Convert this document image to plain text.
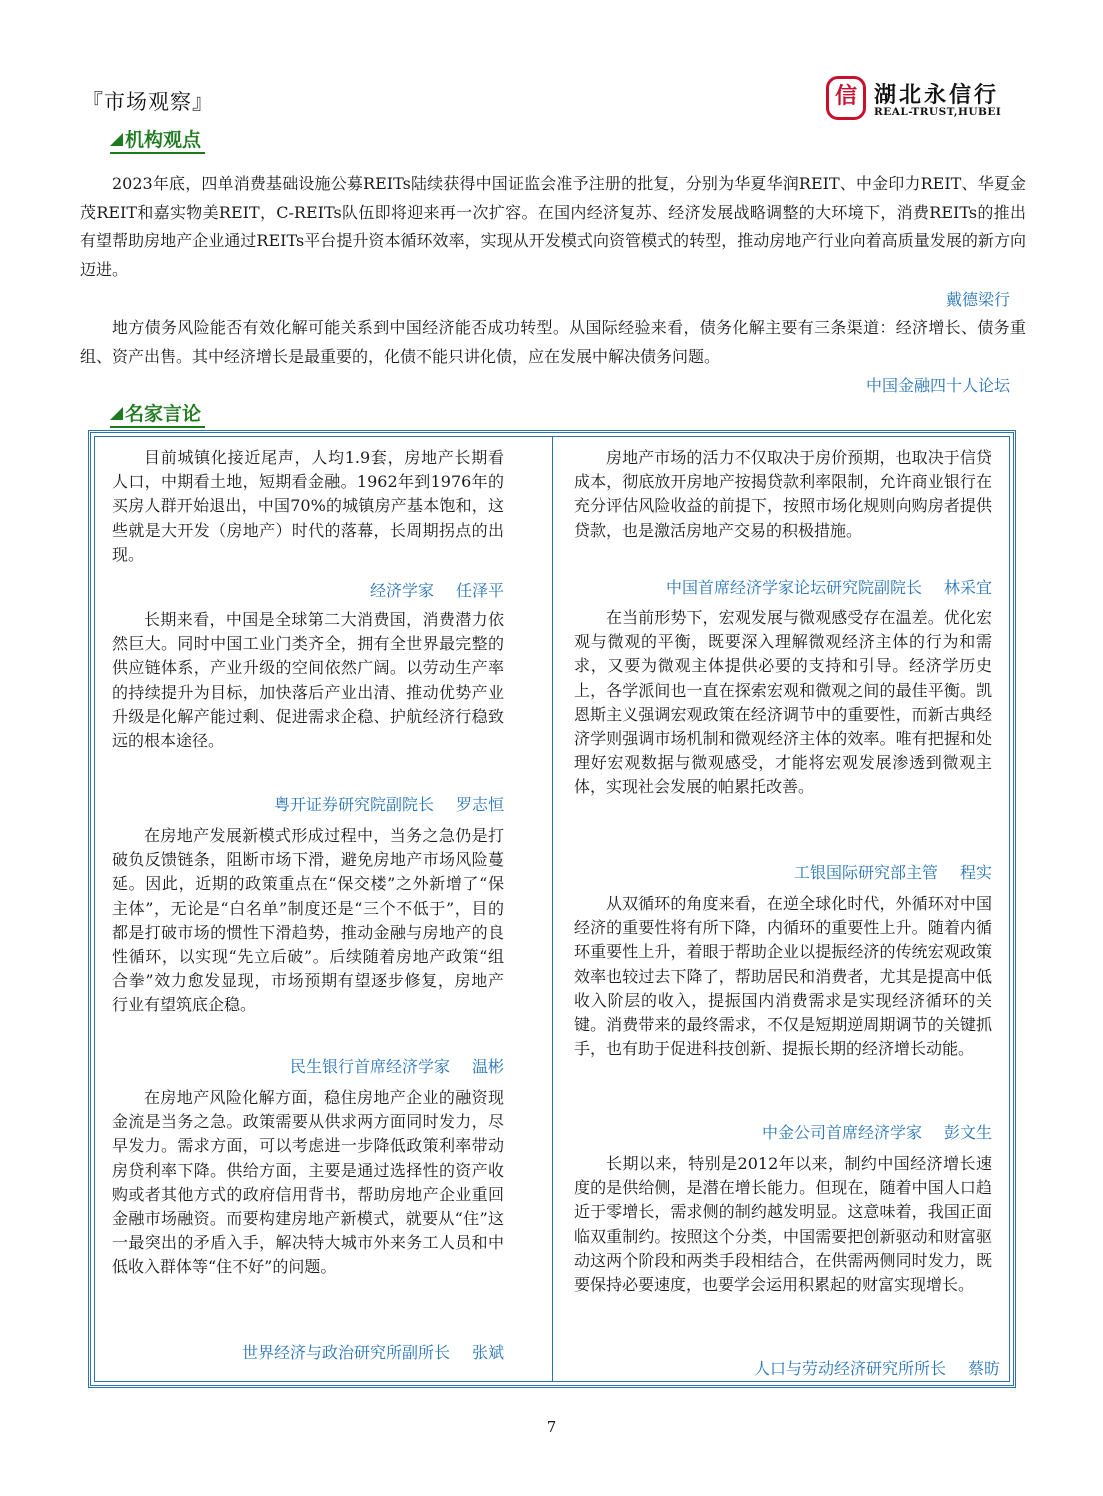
『市场观察』	信 湖北永信行
REAL-TRUST,HUBEI
机构观点

2023年底，四单消费基础设施公募REITs陆续获得中国证监会准予注册的批复，分别为华夏华润REIT、中金印力REIT、华夏金茂REIT和嘉实物美REIT，C-REITs队伍即将迎来再一次扩容。在国内经济复苏、经济发展战略调整的大环境下，消费REITs的推出有望帮助房地产企业通过REITs平台提升资本循环效率，实现从开发模式向资管模式的转型，推动房地产行业向着高质量发展的新方向迈进。

戴德梁行

地方债务风险能否有效化解可能关系到中国经济能否成功转型。从国际经验来看，债务化解主要有三条渠道：经济增长、债务重组、资产出售。其中经济增长是最重要的，化债不能只讲化债，应在发展中解决债务问题。

中国金融四十人论坛
名家言论

目前城镇化接近尾声，人均1.9套，房地产长期看人口，中期看土地，短期看金融。1962年到1976年的买房人群开始退出，中国70%的城镇房产基本饱和，这些就是大开发（房地产）时代的落幕，长周期拐点的出现。

经济学家 任泽平

长期来看，中国是全球第二大消费国，消费潜力依然巨大。同时中国工业门类齐全，拥有全世界最完整的供应链体系，产业升级的空间依然广阔。以劳动生产率的持续提升为目标，加快落后产业出清、推动优势产业升级是化解产能过剩、促进需求企稳、护航经济行稳致远的根本途径。

粤开证券研究院副院长 罗志恒

在房地产发展新模式形成过程中，当务之急仍是打破负反馈链条，阻断市场下滑，避免房地产市场风险蔓延。因此，近期的政策重点在“保交楼”之外新增了“保主体”，无论是“白名单”制度还是“三个不低于”，目的都是打破市场的惯性下滑趋势，推动金融与房地产的良性循环，以实现“先立后破”。后续随着房地产政策“组合拳”效力愈发显现，市场预期有望逐步修复，房地产行业有望筑底企稳。

民生银行首席经济学家 温彬

在房地产风险化解方面，稳住房地产企业的融资现金流是当务之急。政策需要从供求两方面同时发力，尽早发力。需求方面，可以考虑进一步降低政策利率带动房贷利率下降。供给方面，主要是通过选择性的资产收购或者其他方式的政府信用背书，帮助房地产企业重回金融市场融资。而要构建房地产新模式，就要从“住”这一最突出的矛盾入手，解决特大城市外来务工人员和中低收入群体等“住不好”的问题。

世界经济与政治研究所副所长 张斌

房地产市场的活力不仅取决于房价预期，也取决于信贷成本，彻底放开房地产按揭贷款利率限制，允许商业银行在充分评估风险收益的前提下，按照市场化规则向购房者提供贷款，也是激活房地产交易的积极措施。

中国首席经济学家论坛研究院副院长 林采宜

在当前形势下，宏观发展与微观感受存在温差。优化宏观与微观的平衡，既要深入理解微观经济主体的行为和需求，又要为微观主体提供必要的支持和引导。经济学历史上，各学派间也一直在探索宏观和微观之间的最佳平衡。凯恩斯主义强调宏观政策在经济调节中的重要性，而新古典经济学则强调市场机制和微观经济主体的效率。唯有把握和处理好宏观数据与微观感受，才能将宏观发展渗透到微观主体，实现社会发展的帕累托改善。

工银国际研究部主管 程实

从双循环的角度来看，在逆全球化时代，外循环对中国经济的重要性将有所下降，内循环的重要性上升。随着内循环重要性上升，着眼于帮助企业以提振经济的传统宏观政策效率也较过去下降了，帮助居民和消费者，尤其是提高中低收入阶层的收入，提振国内消费需求是实现经济循环的关键。消费带来的最终需求，不仅是短期逆周期调节的关键抓手，也有助于促进科技创新、提振长期的经济增长动能。

中金公司首席经济学家 彭文生

长期以来，特别是2012年以来，制约中国经济增长速度的是供给侧，是潜在增长能力。但现在，随着中国人口趋近于零增长，需求侧的制约越发明显。这意味着，我国正面临双重制约。按照这个分类，中国需要把创新驱动和财富驱动这两个阶段和两类手段相结合，在供需两侧同时发力，既要保持必要速度，也要学会运用积累起的财富实现增长。

人口与劳动经济研究所所长 蔡昉
7
